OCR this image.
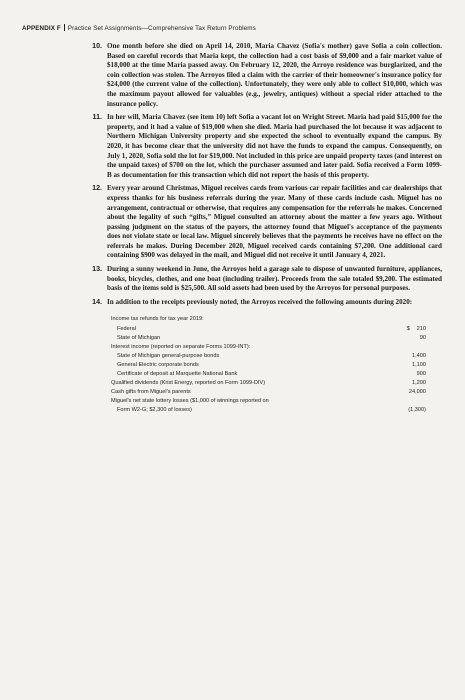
APPENDIX F Practice Set Assignments—Comprehensive Tax Return Problems
10. One month before she died on April 14, 2010, Maria Chavez (Sofia's mother) gave Sofia a coin collection. Based on careful records that Maria kept, the collection had a cost basis of $9,000 and a fair market value of $18,000 at the time Maria passed away. On February 12, 2020, the Arroyo residence was burglarized, and the coin collection was stolen. The Arroyos filed a claim with the carrier of their homeowner's insurance policy for $24,000 (the current value of the collection). Unfortunately, they were only able to collect $10,000, which was the maximum payout allowed for valuables (e.g., jewelry, antiques) without a special rider attached to the insurance policy.
11. In her will, Maria Chavez (see item 10) left Sofia a vacant lot on Wright Street. Maria had paid $15,000 for the property, and it had a value of $19,000 when she died. Maria had purchased the lot because it was adjacent to Northern Michigan University property and she expected the school to eventually expand the campus. By 2020, it has become clear that the university did not have the funds to expand the campus. Consequently, on July 1, 2020, Sofia sold the lot for $19,000. Not included in this price are unpaid property taxes (and interest on the unpaid taxes) of $700 on the lot, which the purchaser assumed and later paid. Sofia received a Form 1099-B as documentation for this transaction which did not report the basis of this property.
12. Every year around Christmas, Miguel receives cards from various car repair facilities and car dealerships that express thanks for his business referrals during the year. Many of these cards include cash. Miguel has no arrangement, contractual or otherwise, that requires any compensation for the referrals he makes. Concerned about the legality of such “gifts,” Miguel consulted an attorney about the matter a few years ago. Without passing judgment on the status of the payors, the attorney found that Miguel's acceptance of the payments does not violate state or local law. Miguel sincerely believes that the payments he receives have no effect on the referrals he makes. During December 2020, Miguel received cards containing $7,200. One additional card containing $900 was delayed in the mail, and Miguel did not receive it until January 4, 2021.
13. During a sunny weekend in June, the Arroyos held a garage sale to dispose of unwanted furniture, appliances, books, bicycles, clothes, and one boat (including trailer). Proceeds from the sale totaled $9,200. The estimated basis of the items sold is $25,500. All sold assets had been used by the Arroyos for personal purposes.
14. In addition to the receipts previously noted, the Arroyos received the following amounts during 2020:
Income tax refunds for tax year 2019:
Federal	$ 210
State of Michigan	90
Interest income (reported on separate Forms 1099-INT):
State of Michigan general-purpose bonds	1,400
General Electric corporate bonds	1,100
Certificate of deposit at Marquette National Bank	900
Qualified dividends (Krist Energy, reported on Form 1099-DIV)	1,200
Cash gifts from Miguel's parents	24,000
Miguel's net state lottery losses ($1,000 of winnings reported on
Form W2-G; $2,300 of losses)	(1,300)
